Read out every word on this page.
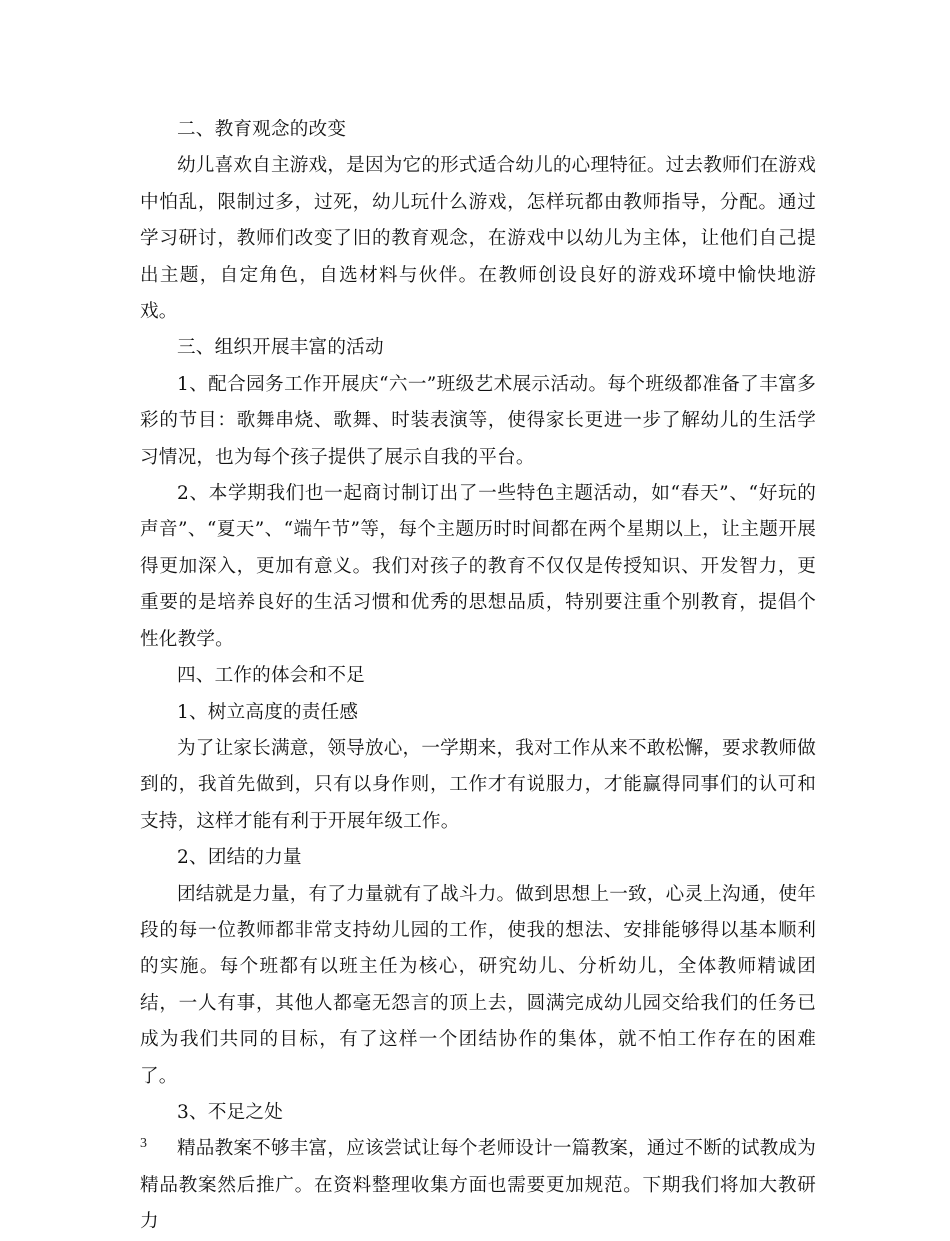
二、教育观念的改变

幼儿喜欢自主游戏，是因为它的形式适合幼儿的心理特征。过去教师们在游戏中怕乱，限制过多，过死，幼儿玩什么游戏，怎样玩都由教师指导，分配。通过学习研讨，教师们改变了旧的教育观念，在游戏中以幼儿为主体，让他们自己提出主题，自定角色，自选材料与伙伴。在教师创设良好的游戏环境中愉快地游戏。

三、组织开展丰富的活动

1、配合园务工作开展庆“六一”班级艺术展示活动。每个班级都准备了丰富多彩的节目：歌舞串烧、歌舞、时装表演等，使得家长更进一步了解幼儿的生活学习情况，也为每个孩子提供了展示自我的平台。

2、本学期我们也一起商讨制订出了一些特色主题活动，如“春天”、“好玩的声音”、“夏天”、“端午节”等，每个主题历时时间都在两个星期以上，让主题开展得更加深入，更加有意义。我们对孩子的教育不仅仅是传授知识、开发智力，更重要的是培养良好的生活习惯和优秀的思想品质，特别要注重个别教育，提倡个性化教学。

四、工作的体会和不足

1、树立高度的责任感

为了让家长满意，领导放心，一学期来，我对工作从来不敢松懈，要求教师做到的，我首先做到，只有以身作则，工作才有说服力，才能赢得同事们的认可和支持，这样才能有利于开展年级工作。

2、团结的力量

团结就是力量，有了力量就有了战斗力。做到思想上一致，心灵上沟通，使年段的每一位教师都非常支持幼儿园的工作，使我的想法、安排能够得以基本顺利的实施。每个班都有以班主任为核心，研究幼儿、分析幼儿，全体教师精诚团结，一人有事，其他人都毫无怨言的顶上去，圆满完成幼儿园交给我们的任务已成为我们共同的目标，有了这样一个团结协作的集体，就不怕工作存在的困难了。

3、不足之处

精品教案不够丰富，应该尝试让每个老师设计一篇教案，通过不断的试教成为精品教案然后推广。在资料整理收集方面也需要更加规范。下期我们将加大教研力

3
